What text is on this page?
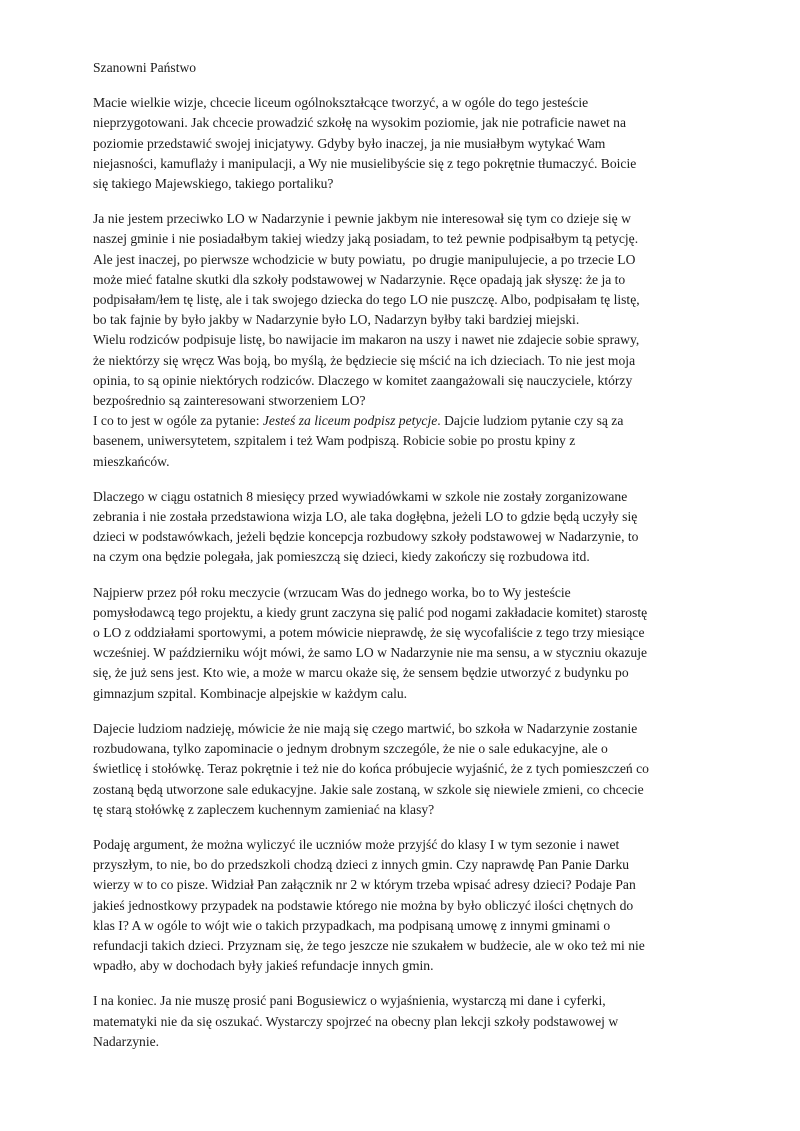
Szanowni Państwo
Macie wielkie wizje, chcecie liceum ogólnokształcące tworzyć, a w ogóle do tego jesteście
nieprzygotowani. Jak chcecie prowadzić szkołę na wysokim poziomie, jak nie potraficie nawet na
poziomie przedstawić swojej inicjatywy. Gdyby było inaczej, ja nie musiałbym wytykać Wam
niejasności, kamuflaży i manipulacji, a Wy nie musielibyście się z tego pokrętnie tłumaczyć. Boicie
się takiego Majewskiego, takiego portaliku?
Ja nie jestem przeciwko LO w Nadarzynie i pewnie jakbym nie interesował się tym co dzieje się w
naszej gminie i nie posiadałbym takiej wiedzy jaką posiadam, to też pewnie podpisałbym tą petycję.
Ale jest inaczej, po pierwsze wchodzicie w buty powiatu,  po drugie manipulujecie, a po trzecie LO
może mieć fatalne skutki dla szkoły podstawowej w Nadarzynie. Ręce opadają jak słyszę: że ja to
podpisałam/łem tę listę, ale i tak swojego dziecka do tego LO nie puszczę. Albo, podpisałam tę listę,
bo tak fajnie by było jakby w Nadarzynie było LO, Nadarzyn byłby taki bardziej miejski.
Wielu rodziców podpisuje listę, bo nawijacie im makaron na uszy i nawet nie zdajecie sobie sprawy,
że niektórzy się wręcz Was boją, bo myślą, że będziecie się mścić na ich dzieciach. To nie jest moja
opinia, to są opinie niektórych rodziców. Dlaczego w komitet zaangażowali się nauczyciele, którzy
bezpośrednio są zainteresowani stworzeniem LO?
I co to jest w ogóle za pytanie: Jesteś za liceum podpisz petycje. Dajcie ludziom pytanie czy są za
basenem, uniwersytetem, szpitalem i też Wam podpiszą. Robicie sobie po prostu kpiny z
mieszkańców.
Dlaczego w ciągu ostatnich 8 miesięcy przed wywiadówkami w szkole nie zostały zorganizowane
zebrania i nie została przedstawiona wizja LO, ale taka dogłębna, jeżeli LO to gdzie będą uczyły się
dzieci w podstawówkach, jeżeli będzie koncepcja rozbudowy szkoły podstawowej w Nadarzynie, to
na czym ona będzie polegała, jak pomieszczą się dzieci, kiedy zakończy się rozbudowa itd.
Najpierw przez pół roku meczycie (wrzucam Was do jednego worka, bo to Wy jesteście
pomysłodawcą tego projektu, a kiedy grunt zaczyna się palić pod nogami zakładacie komitet) starostę
o LO z oddziałami sportowymi, a potem mówicie nieprawdę, że się wycofaliście z tego trzy miesiące
wcześniej. W październiku wójt mówi, że samo LO w Nadarzynie nie ma sensu, a w styczniu okazuje
się, że już sens jest. Kto wie, a może w marcu okaże się, że sensem będzie utworzyć z budynku po
gimnazjum szpital. Kombinacje alpejskie w każdym calu.
Dajecie ludziom nadzieję, mówicie że nie mają się czego martwić, bo szkoła w Nadarzynie zostanie
rozbudowana, tylko zapominacie o jednym drobnym szczególe, że nie o sale edukacyjne, ale o
świetlicę i stołówkę. Teraz pokrętnie i też nie do końca próbujecie wyjaśnić, że z tych pomieszczeń co
zostaną będą utworzone sale edukacyjne. Jakie sale zostaną, w szkole się niewiele zmieni, co chcecie
tę starą stołówkę z zapleczem kuchennym zamieniać na klasy?
Podaję argument, że można wyliczyć ile uczniów może przyjść do klasy I w tym sezonie i nawet
przyszłym, to nie, bo do przedszkoli chodzą dzieci z innych gmin. Czy naprawdę Pan Panie Darku
wierzy w to co pisze. Widział Pan załącznik nr 2 w którym trzeba wpisać adresy dzieci? Podaje Pan
jakieś jednostkowy przypadek na podstawie którego nie można by było obliczyć ilości chętnych do
klas I? A w ogóle to wójt wie o takich przypadkach, ma podpisaną umowę z innymi gminami o
refundacji takich dzieci. Przyznam się, że tego jeszcze nie szukałem w budżecie, ale w oko też mi nie
wpadło, aby w dochodach były jakieś refundacje innych gmin.
I na koniec. Ja nie muszę prosić pani Bogusiewicz o wyjaśnienia, wystarczą mi dane i cyferki,
matematyki nie da się oszukać. Wystarczy spojrzeć na obecny plan lekcji szkoły podstawowej w
Nadarzynie.
